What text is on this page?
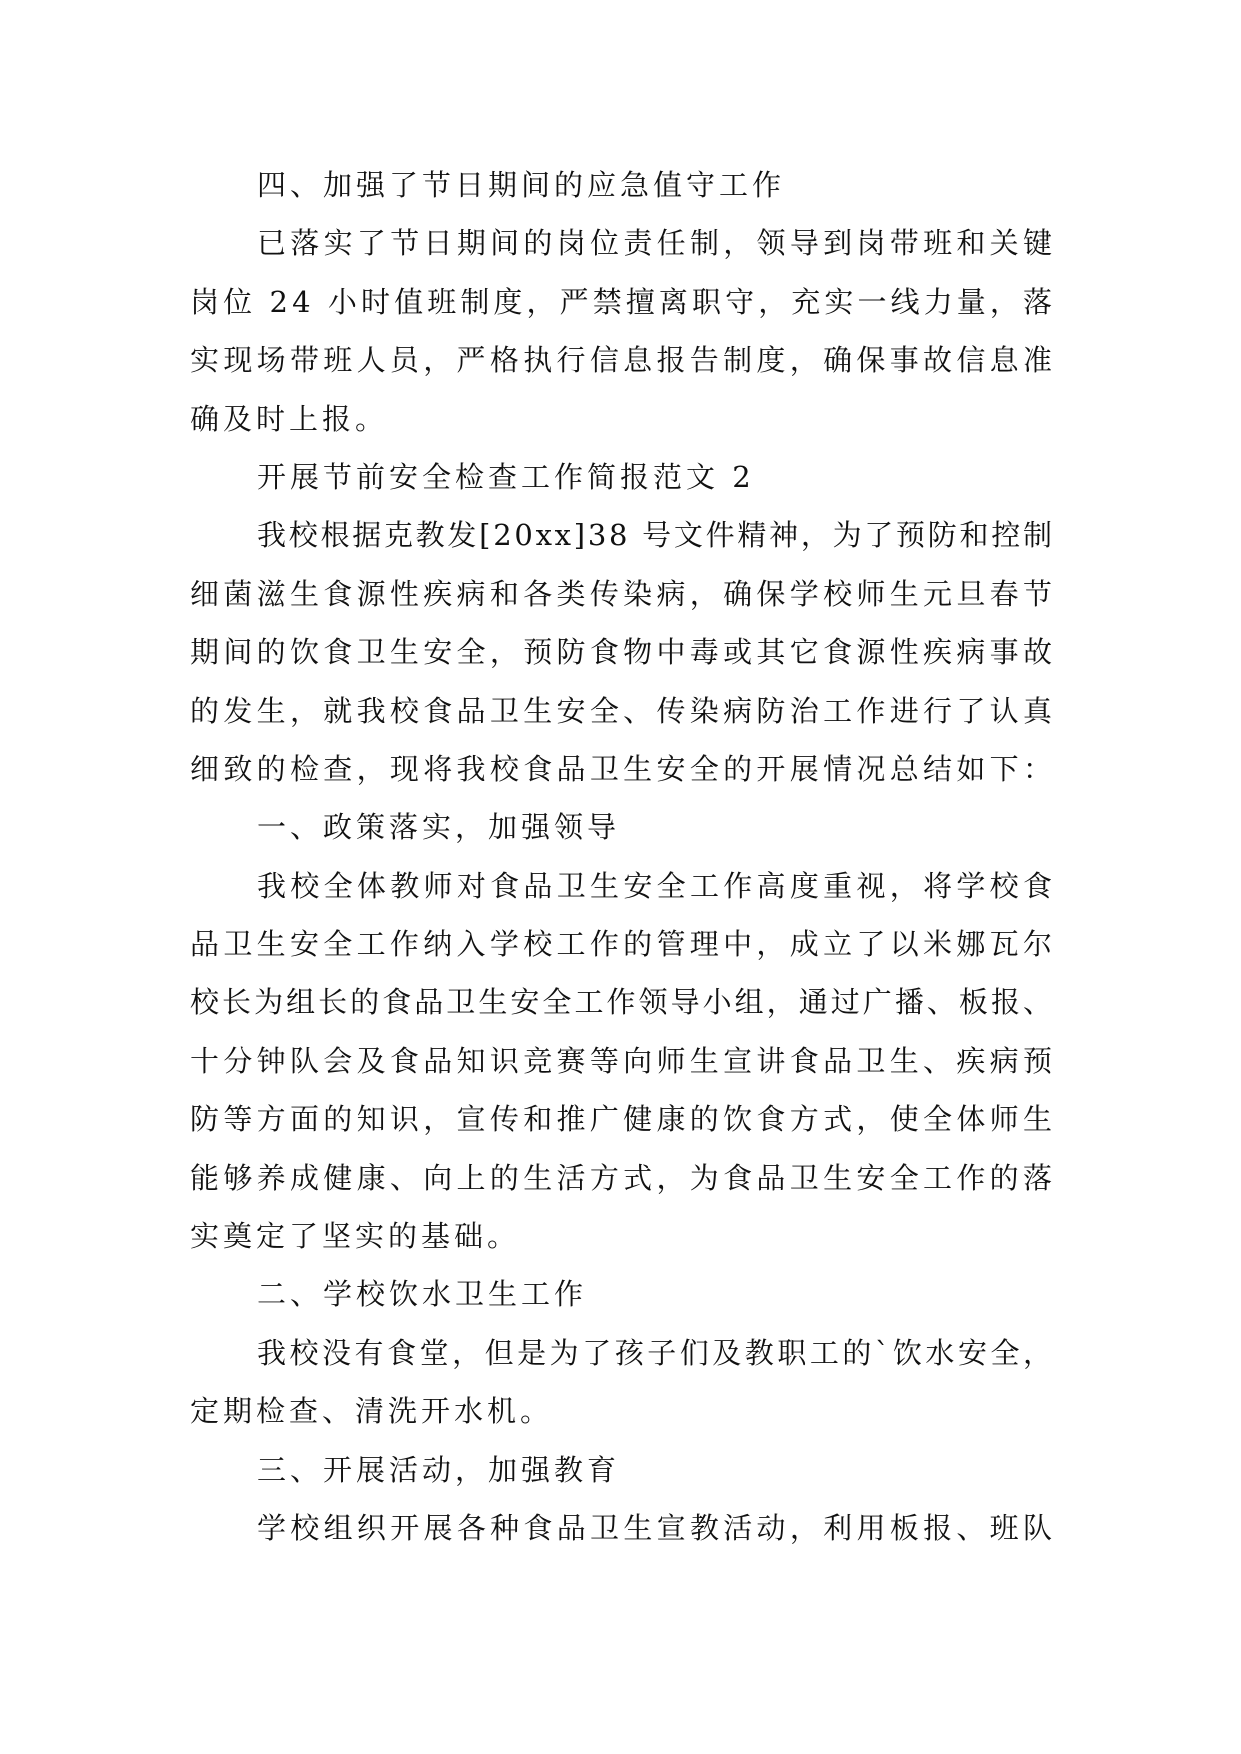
四、加强了节日期间的应急值守工作
已落实了节日期间的岗位责任制，领导到岗带班和关键
岗位 24 小时值班制度，严禁擅离职守，充实一线力量，落
实现场带班人员，严格执行信息报告制度，确保事故信息准
确及时上报。
开展节前安全检查工作简报范文 2
我校根据克教发[20xx]38 号文件精神，为了预防和控制
细菌滋生食源性疾病和各类传染病，确保学校师生元旦春节
期间的饮食卫生安全，预防食物中毒或其它食源性疾病事故
的发生，就我校食品卫生安全、传染病防治工作进行了认真
细致的检查，现将我校食品卫生安全的开展情况总结如下：
一、政策落实，加强领导
我校全体教师对食品卫生安全工作高度重视，将学校食
品卫生安全工作纳入学校工作的管理中，成立了以米娜瓦尔
校长为组长的食品卫生安全工作领导小组，通过广播、板报、
十分钟队会及食品知识竞赛等向师生宣讲食品卫生、疾病预
防等方面的知识，宣传和推广健康的饮食方式，使全体师生
能够养成健康、向上的生活方式，为食品卫生安全工作的落
实奠定了坚实的基础。
二、学校饮水卫生工作
我校没有食堂，但是为了孩子们及教职工的`饮水安全，
定期检查、清洗开水机。
三、开展活动，加强教育
学校组织开展各种食品卫生宣教活动，利用板报、班队
